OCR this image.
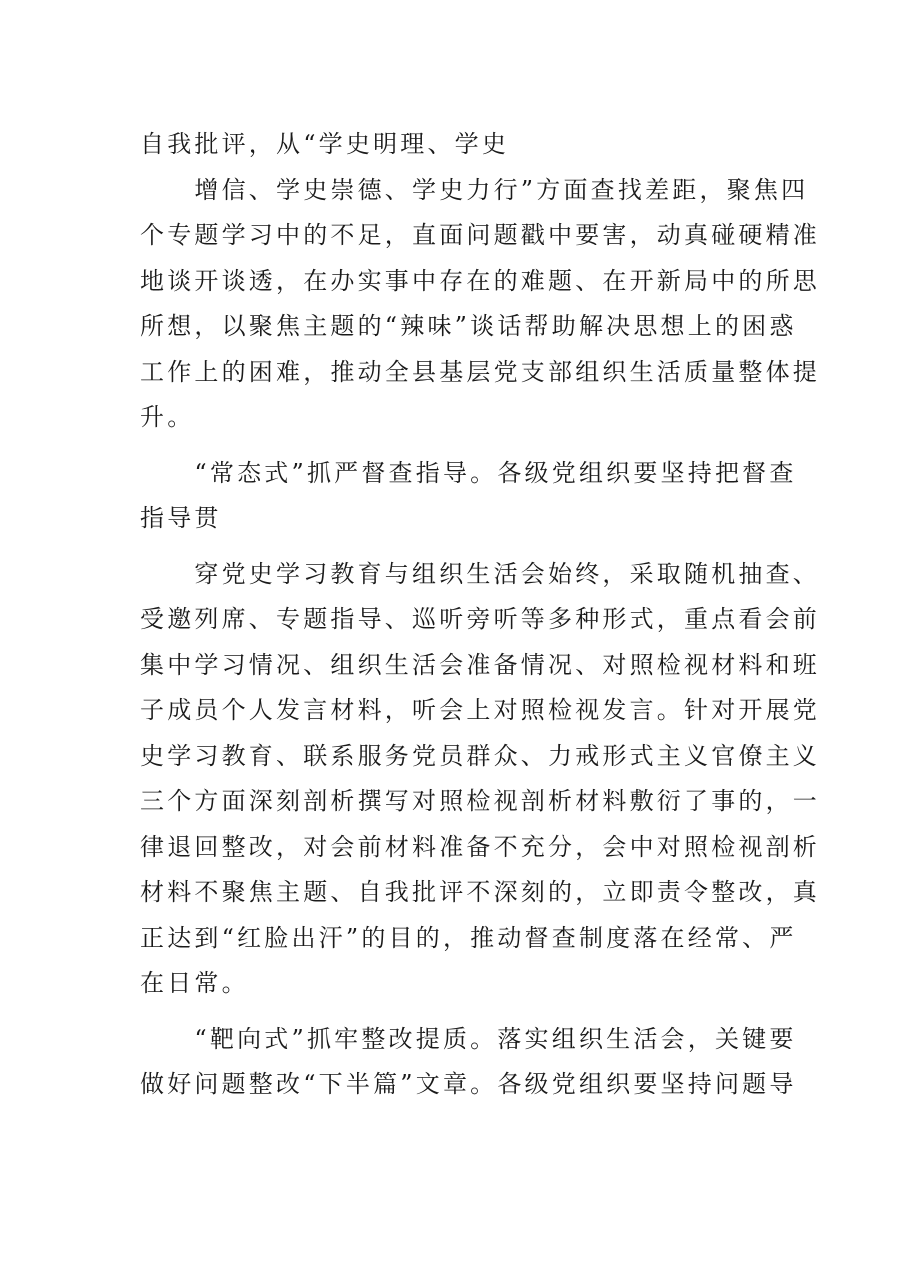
自我批评，从“学史明理、学史
　　增信、学史崇德、学史力行”方面查找差距，聚焦四
个专题学习中的不足，直面问题戳中要害，动真碰硬精准
地谈开谈透，在办实事中存在的难题、在开新局中的所思
所想，以聚焦主题的“辣味”谈话帮助解决思想上的困惑
工作上的困难，推动全县基层党支部组织生活质量整体提
升。
　　“常态式”抓严督查指导。各级党组织要坚持把督查
指导贯
　　穿党史学习教育与组织生活会始终，采取随机抽查、
受邀列席、专题指导、巡听旁听等多种形式，重点看会前
集中学习情况、组织生活会准备情况、对照检视材料和班
子成员个人发言材料，听会上对照检视发言。针对开展党
史学习教育、联系服务党员群众、力戒形式主义官僚主义
三个方面深刻剖析撰写对照检视剖析材料敷衍了事的，一
律退回整改，对会前材料准备不充分，会中对照检视剖析
材料不聚焦主题、自我批评不深刻的，立即责令整改，真
正达到“红脸出汗”的目的，推动督查制度落在经常、严
在日常。
　　“靶向式”抓牢整改提质。落实组织生活会，关键要
做好问题整改“下半篇”文章。各级党组织要坚持问题导
